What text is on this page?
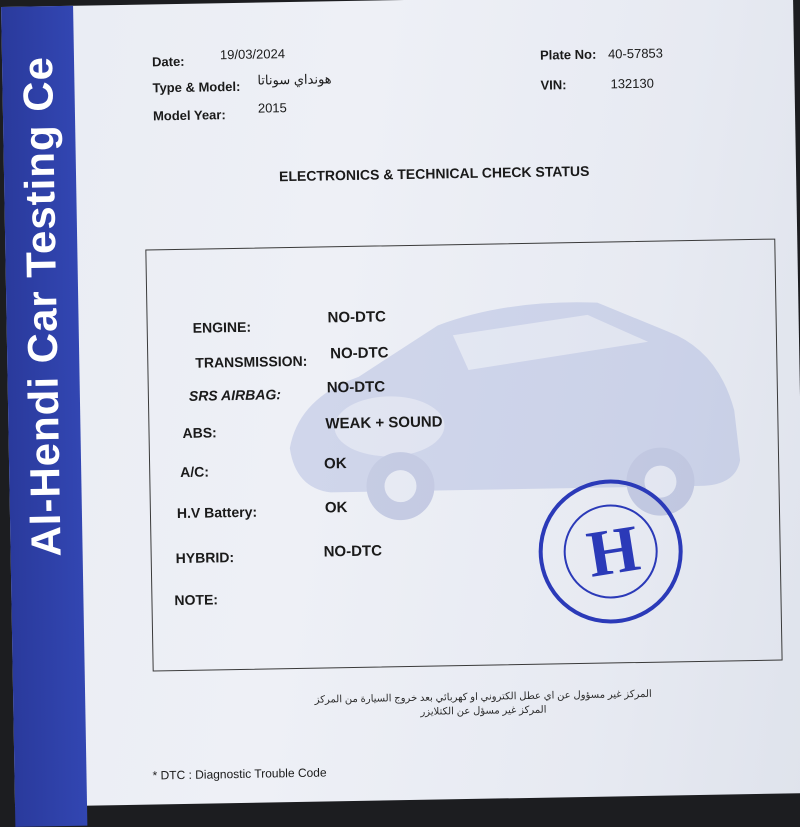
Al-Hendi Car Testing Ce	Date:	19/03/2024
Type & Model: هونداي سوناتا
Model Year: 2015
Plate No: 40-57853
VIN:	132130
ELECTRONICS & TECHNICAL CHECK STATUS
ENGINE:
NO-DTC
TRANSMISSION: NO-DTC
SRS AIRBAG:	NO-DTC
ABS:
WEAK + SOUND
A/C:	OK
H.V Battery:	OK
HYBRID:	NO-DTC
NOTE:
H
المركز غير مسؤول عن اي عطل الكتروني او كهربائي بعد خروج السيارة من المركز
المركز غير مسؤل عن الكتلايزر
* DTC : Diagnostic Trouble Code
